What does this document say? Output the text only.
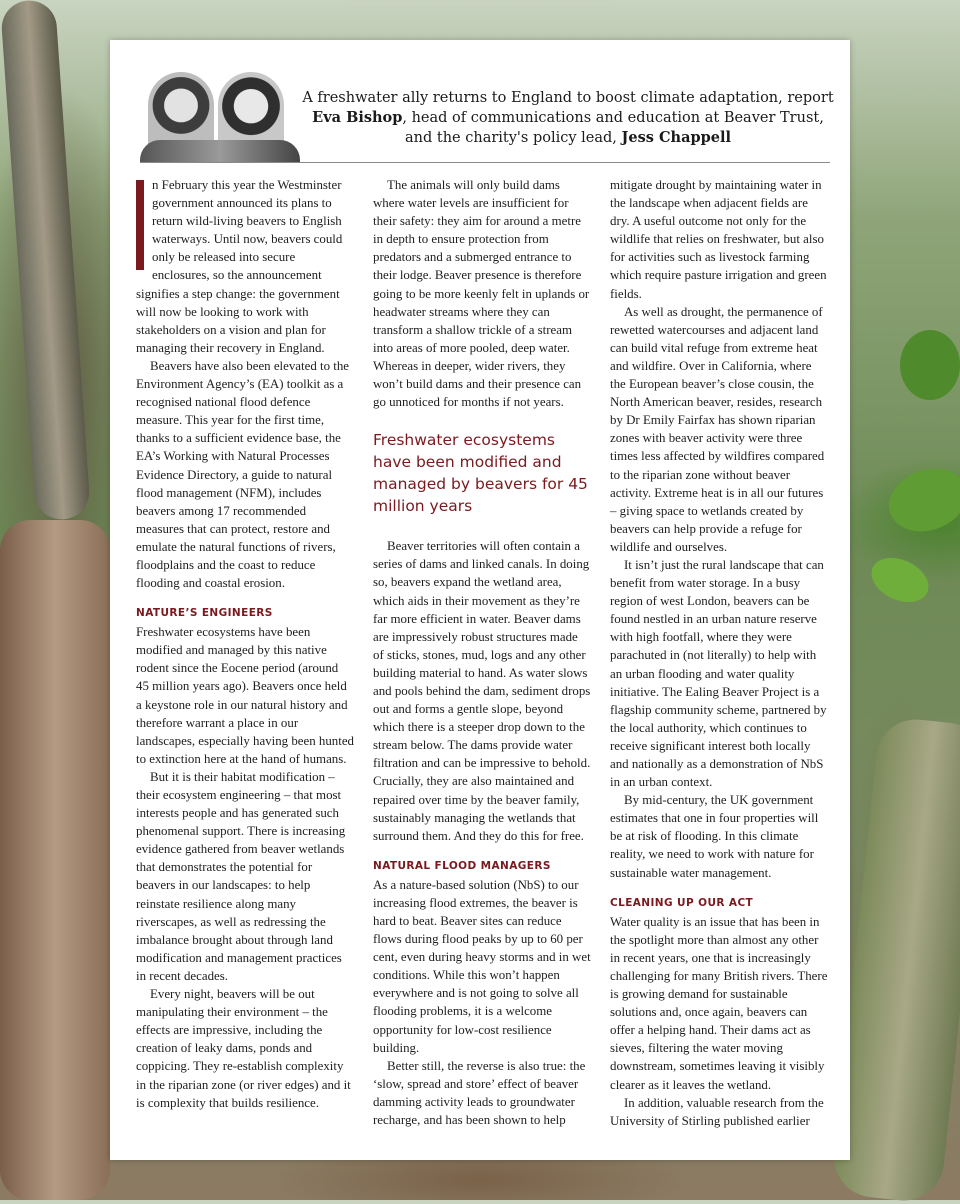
A freshwater ally returns to England to boost climate adaptation, report Eva Bishop, head of communications and education at Beaver Trust, and the charity's policy lead, Jess Chappell

n February this year the Westminster government announced its plans to return wild-living beavers to English waterways. Until now, beavers could only be released into secure enclosures, so the announcement signifies a step change: the government will now be looking to work with stakeholders on a vision and plan for managing their recovery in England.

Beavers have also been elevated to the Environment Agency’s (EA) toolkit as a recognised national flood defence measure. This year for the first time, thanks to a sufficient evidence base, the EA’s Working with Natural Processes Evidence Directory, a guide to natural flood management (NFM), includes beavers among 17 recommended measures that can protect, restore and emulate the natural functions of rivers, floodplains and the coast to reduce flooding and coastal erosion.

NATURE’S ENGINEERS

Freshwater ecosystems have been modified and managed by this native rodent since the Eocene period (around 45 million years ago). Beavers once held a keystone role in our natural history and therefore warrant a place in our landscapes, especially having been hunted to extinction here at the hand of humans.

But it is their habitat modification – their ecosystem engineering – that most interests people and has generated such phenomenal support. There is increasing evidence gathered from beaver wetlands that demonstrates the potential for beavers in our landscapes: to help reinstate resilience along many riverscapes, as well as redressing the imbalance brought about through land modification and management practices in recent decades.

Every night, beavers will be out manipulating their environment – the effects are impressive, including the creation of leaky dams, ponds and coppicing. They re-establish complexity in the riparian zone (or river edges) and it is complexity that builds resilience.

The animals will only build dams where water levels are insufficient for their safety: they aim for around a metre in depth to ensure protection from predators and a submerged entrance to their lodge. Beaver presence is therefore going to be more keenly felt in uplands or headwater streams where they can transform a shallow trickle of a stream into areas of more pooled, deep water. Whereas in deeper, wider rivers, they won’t build dams and their presence can go unnoticed for months if not years.

Freshwater ecosystems have been modified and managed by beavers for 45 million years

Beaver territories will often contain a series of dams and linked canals. In doing so, beavers expand the wetland area, which aids in their movement as they’re far more efficient in water. Beaver dams are impressively robust structures made of sticks, stones, mud, logs and any other building material to hand. As water slows and pools behind the dam, sediment drops out and forms a gentle slope, beyond which there is a steeper drop down to the stream below. The dams provide water filtration and can be impressive to behold. Crucially, they are also maintained and repaired over time by the beaver family, sustainably managing the wetlands that surround them. And they do this for free.

NATURAL FLOOD MANAGERS

As a nature-based solution (NbS) to our increasing flood extremes, the beaver is hard to beat. Beaver sites can reduce flows during flood peaks by up to 60 per cent, even during heavy storms and in wet conditions. While this won’t happen everywhere and is not going to solve all flooding problems, it is a welcome opportunity for low-cost resilience building.

Better still, the reverse is also true: the ‘slow, spread and store’ effect of beaver damming activity leads to groundwater recharge, and has been shown to help

mitigate drought by maintaining water in the landscape when adjacent fields are dry. A useful outcome not only for the wildlife that relies on freshwater, but also for activities such as livestock farming which require pasture irrigation and green fields.

As well as drought, the permanence of rewetted watercourses and adjacent land can build vital refuge from extreme heat and wildfire. Over in California, where the European beaver’s close cousin, the North American beaver, resides, research by Dr Emily Fairfax has shown riparian zones with beaver activity were three times less affected by wildfires compared to the riparian zone without beaver activity. Extreme heat is in all our futures – giving space to wetlands created by beavers can help provide a refuge for wildlife and ourselves.

It isn’t just the rural landscape that can benefit from water storage. In a busy region of west London, beavers can be found nestled in an urban nature reserve with high footfall, where they were parachuted in (not literally) to help with an urban flooding and water quality initiative. The Ealing Beaver Project is a flagship community scheme, partnered by the local authority, which continues to receive significant interest both locally and nationally as a demonstration of NbS in an urban context.

By mid-century, the UK government estimates that one in four properties will be at risk of flooding. In this climate reality, we need to work with nature for sustainable water management.

CLEANING UP OUR ACT

Water quality is an issue that has been in the spotlight more than almost any other in recent years, one that is increasingly challenging for many British rivers. There is growing demand for sustainable solutions and, once again, beavers can offer a helping hand. Their dams act as sieves, filtering the water moving downstream, sometimes leaving it visibly clearer as it leaves the wetland.

In addition, valuable research from the University of Stirling published earlier
